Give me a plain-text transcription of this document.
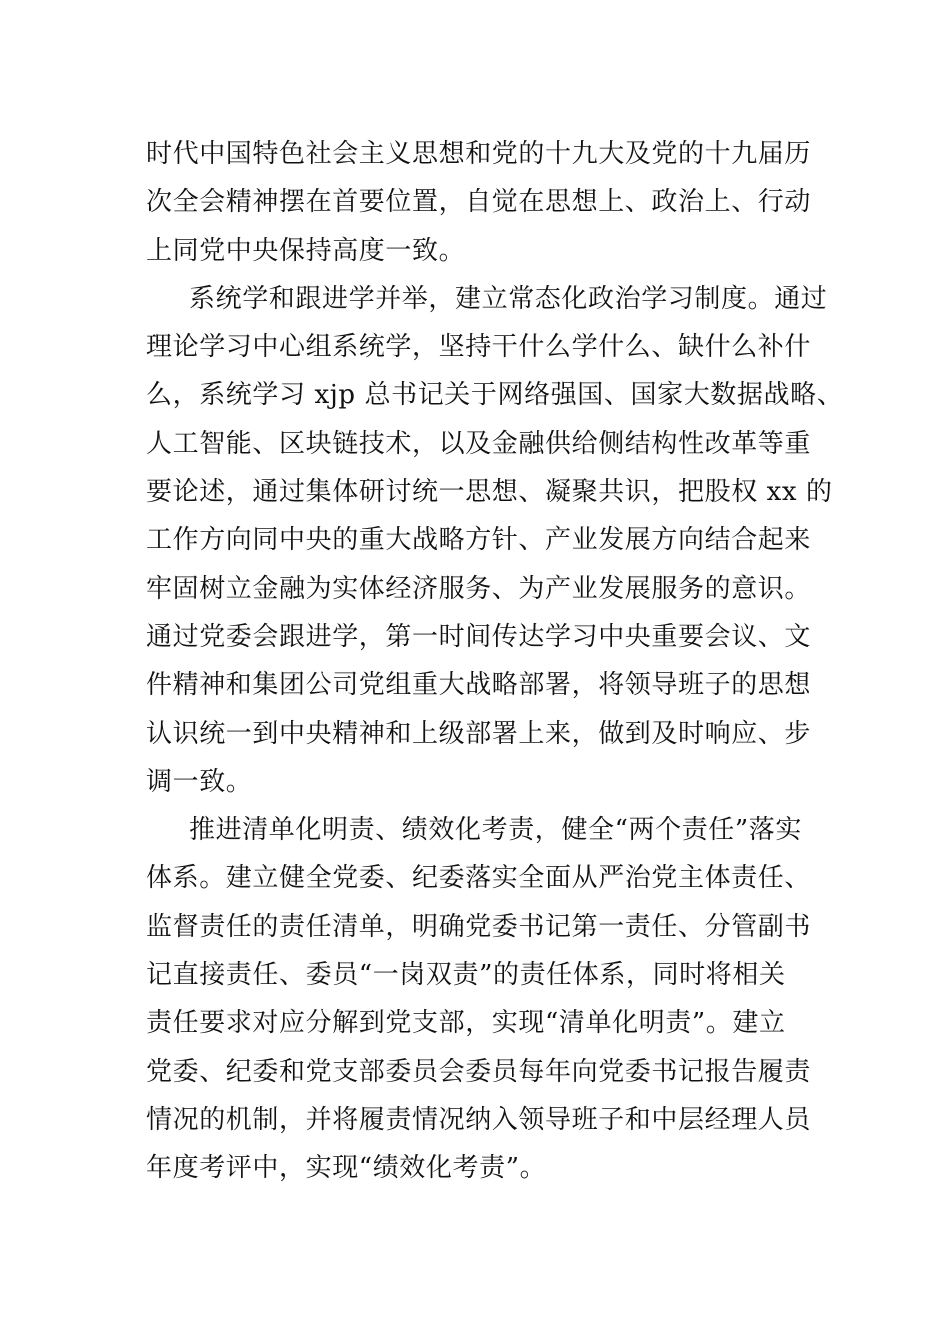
时代中国特色社会主义思想和党的十九大及党的十九届历
次全会精神摆在首要位置，自觉在思想上、政治上、行动
上同党中央保持高度一致。
系统学和跟进学并举，建立常态化政治学习制度。通过
理论学习中心组系统学，坚持干什么学什么、缺什么补什
么，系统学习 xjp 总书记关于网络强国、国家大数据战略、
人工智能、区块链技术，以及金融供给侧结构性改革等重
要论述，通过集体研讨统一思想、凝聚共识，把股权 xx 的
工作方向同中央的重大战略方针、产业发展方向结合起来
牢固树立金融为实体经济服务、为产业发展服务的意识。
通过党委会跟进学，第一时间传达学习中央重要会议、文
件精神和集团公司党组重大战略部署，将领导班子的思想
认识统一到中央精神和上级部署上来，做到及时响应、步
调一致。
推进清单化明责、绩效化考责，健全“两个责任”落实
体系。建立健全党委、纪委落实全面从严治党主体责任、
监督责任的责任清单，明确党委书记第一责任、分管副书
记直接责任、委员“一岗双责”的责任体系，同时将相关
责任要求对应分解到党支部，实现“清单化明责”。建立
党委、纪委和党支部委员会委员每年向党委书记报告履责
情况的机制，并将履责情况纳入领导班子和中层经理人员
年度考评中，实现“绩效化考责”。
